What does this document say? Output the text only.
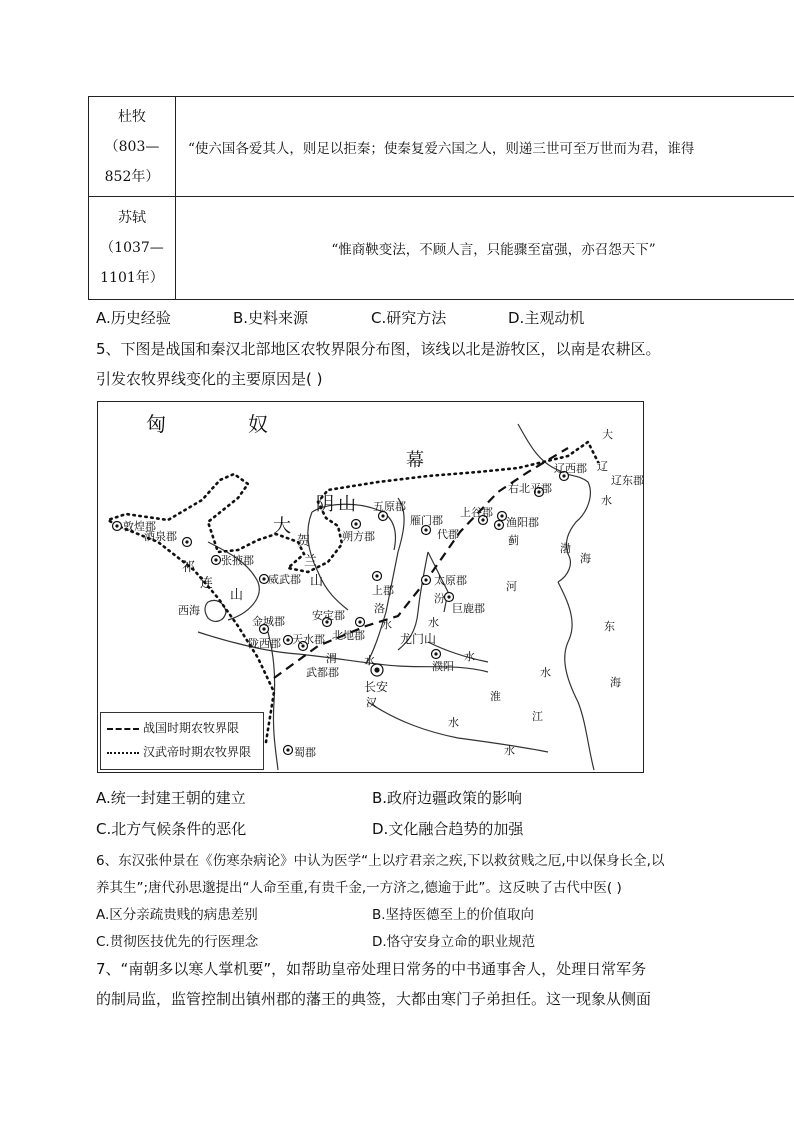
杜牧
（803—
852年）	“使六国各爱其人，则足以拒秦；使秦复爱六国之人，则递三世可至万世而为君，谁得

苏轼
（1037—
1101年）	“惟商鞅变法，不顾人言，只能骤至富强，亦召怨天下”
A.历史经验	B.史料来源	C.研究方法	D.主观动机
5、下图是战国和秦汉北部地区农牧界限分布图，该线以北是游牧区，以南是农耕区。
引发农牧界线变化的主要原因是( )
匈	奴
幕
大
阴 山
贺
兰
山
祁
连
山
大
辽
水
西海
敦煌郡
酒泉郡
张掖郡
威武郡
金城郡
陇西郡 天水郡
安定郡
北地郡
朔方郡
五原郡
雁门郡
代郡
上谷郡
渔阳郡
右北平郡
辽西郡
辽东郡
蓟
上郡
太原郡
巨鹿郡
汾
水
洛
水
龙门山
濮阳
渭 水
武都郡
长安
汉
河
水
渤
海
东
海
淮
水
江
水
水
蜀郡
战国时期农牧界限
汉武帝时期农牧界限
A.统一封建王朝的建立	B.政府边疆政策的影响
C.北方气候条件的恶化	D.文化融合趋势的加强
6、东汉张仲景在《伤寒杂病论》中认为医学“上以疗君亲之疾,下以救贫贱之厄,中以保身长全,以
养其生”;唐代孙思邈提出“人命至重,有贵千金,一方济之,德逾于此”。这反映了古代中医( )
A.区分亲疏贵贱的病患差别	B.坚持医德至上的价值取向
C.贯彻医技优先的行医理念	D.恪守安身立命的职业规范
7、“南朝多以寒人掌机要”，如帮助皇帝处理日常务的中书通事舍人，处理日常军务
的制局监，监管控制出镇州郡的藩王的典签，大都由寒门子弟担任。这一现象从侧面
